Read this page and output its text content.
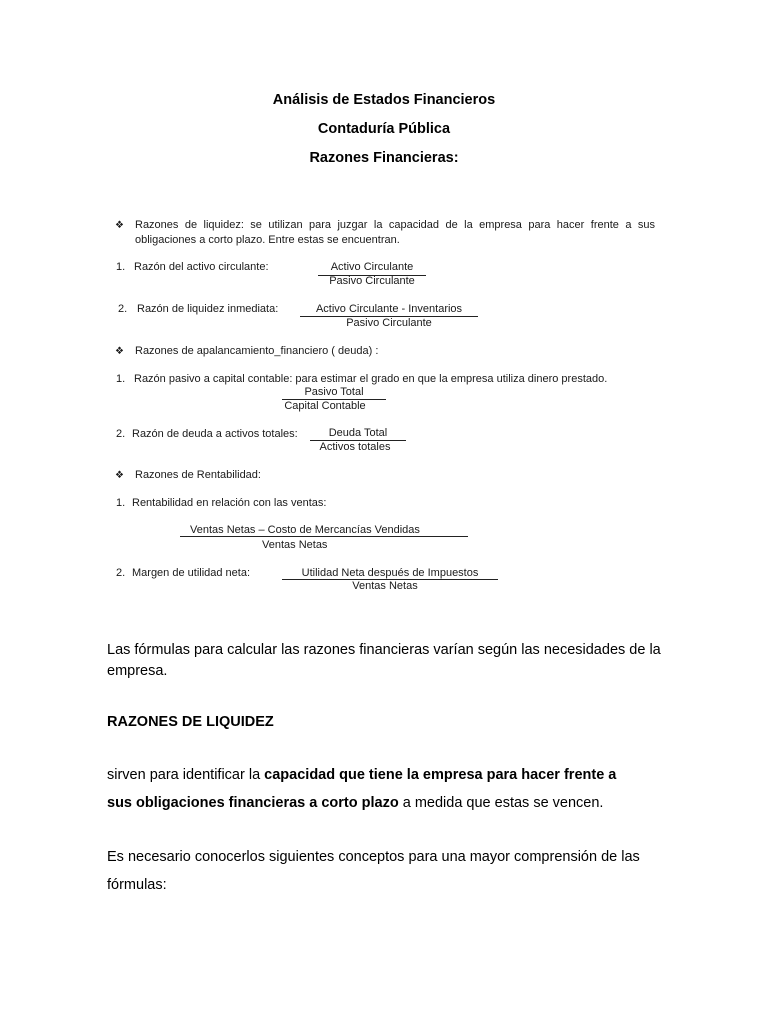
Análisis de Estados Financieros
Contaduría Pública
Razones Financieras:
❖ Razones de liquidez: se utilizan para juzgar la capacidad de la empresa para hacer frente a sus
obligaciones a corto plazo. Entre estas se encuentran.
1. Razón del activo circulante:	Activo Circulante
Pasivo Circulante
2. Razón de liquidez inmediata:	Activo Circulante - Inventarios
Pasivo Circulante
❖ Razones de apalancamiento_financiero ( deuda) :
1. Razón pasivo a capital contable: para estimar el grado en que la empresa utiliza dinero prestado.
Pasivo Total
Capital Contable
2. Razón de deuda a activos totales:	Deuda Total
Activos totales
❖ Razones de Rentabilidad:
1. Rentabilidad en relación con las ventas:
Ventas Netas – Costo de Mercancías Vendidas
Ventas Netas
2. Margen de utilidad neta:	Utilidad Neta después de Impuestos
Ventas Netas
Las fórmulas para calcular las razones financieras varían según las necesidades de la empresa.
RAZONES DE LIQUIDEZ
sirven para identificar la capacidad que tiene la empresa para hacer frente a
sus obligaciones financieras a corto plazo a medida que estas se vencen.
Es necesario conocerlos siguientes conceptos para una mayor comprensión de las
fórmulas:
